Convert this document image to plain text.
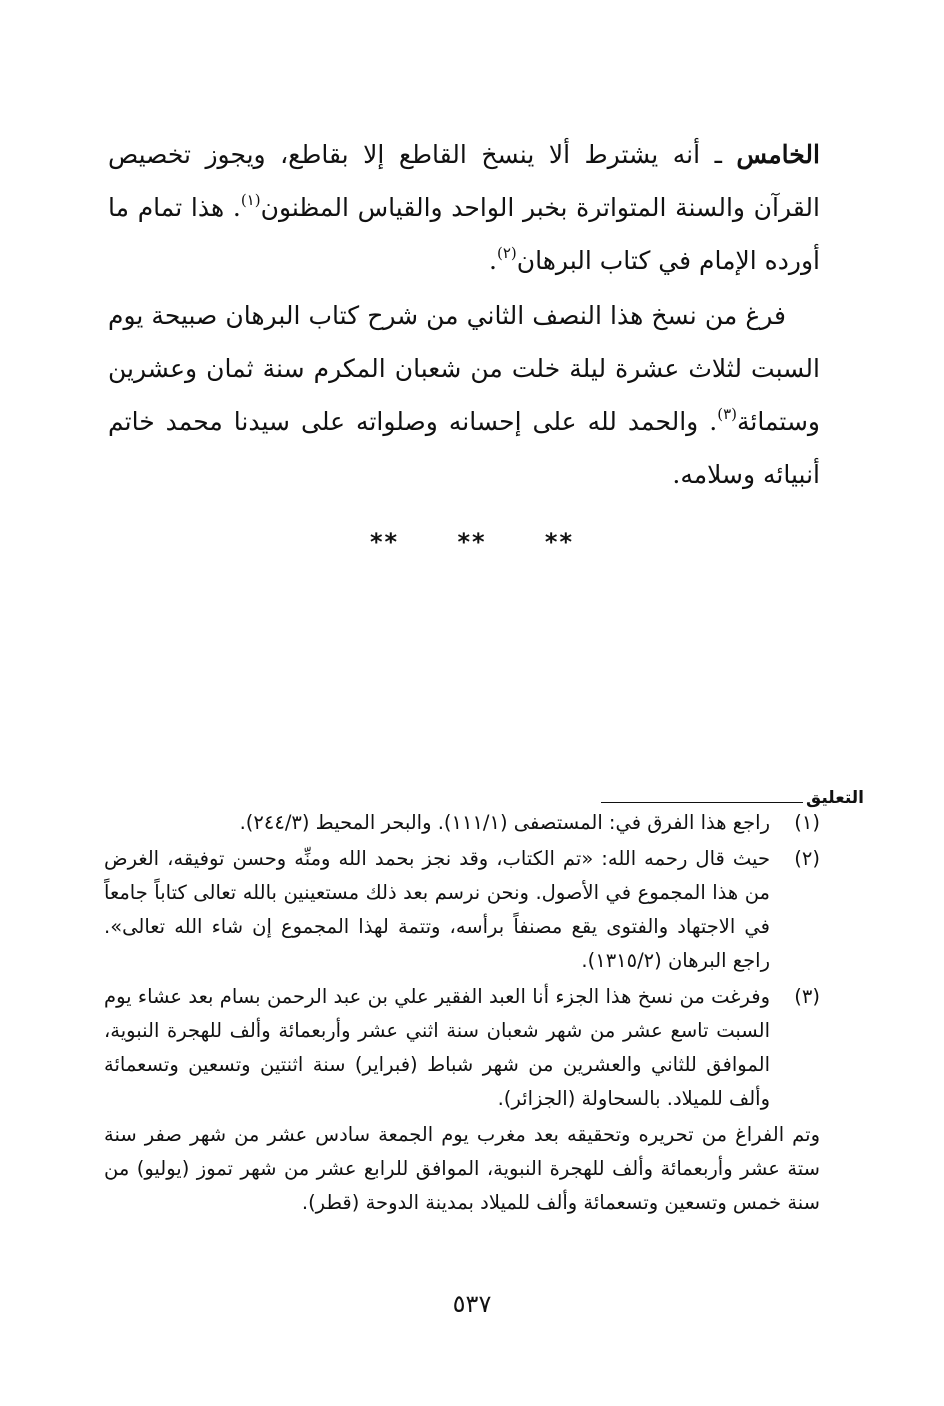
الخامس ـ أنه يشترط ألا ينسخ القاطع إلا بقاطع، ويجوز تخصيص القرآن والسنة المتواترة بخبر الواحد والقياس المظنون$^{(١)}$. هذا تمام ما أورده الإمام في كتاب البرهان$^{(٢)}$.

فرغ من نسخ هذا النصف الثاني من شرح كتاب البرهان صبيحة يوم السبت لثلاث عشرة ليلة خلت من شعبان المكرم سنة ثمان وعشرين وستمائة$^{(٣)}$. والحمد لله على إحسانه وصلواته على سيدنا محمد خاتم أنبيائه وسلامه.

** ** **
التعليق
(١)

راجع هذا الفرق في: المستصفى (١١١/١). والبحر المحيط (٢٤٤/٣).

(٢)

حيث قال رحمه الله: «تم الكتاب، وقد نجز بحمد الله ومنِّه وحسن توفيقه، الغرض من هذا المجموع في الأصول. ونحن نرسم بعد ذلك مستعينين بالله تعالى كتاباً جامعاً في الاجتهاد والفتوى يقع مصنفاً برأسه، وتتمة لهذا المجموع إن شاء الله تعالى». راجع البرهان (١٣١٥/٢).

(٣)

وفرغت من نسخ هذا الجزء أنا العبد الفقير علي بن عبد الرحمن بسام بعد عشاء يوم السبت تاسع عشر من شهر شعبان سنة اثني عشر وأربعمائة وألف للهجرة النبوية، الموافق للثاني والعشرين من شهر شباط (فبراير) سنة اثنتين وتسعين وتسعمائة وألف للميلاد. بالسحاولة (الجزائر).

وتم الفراغ من تحريره وتحقيقه بعد مغرب يوم الجمعة سادس عشر من شهر صفر سنة ستة عشر وأربعمائة وألف للهجرة النبوية، الموافق للرابع عشر من شهر تموز (يوليو) من سنة خمس وتسعين وتسعمائة وألف للميلاد بمدينة الدوحة (قطر).
٥٣٧
